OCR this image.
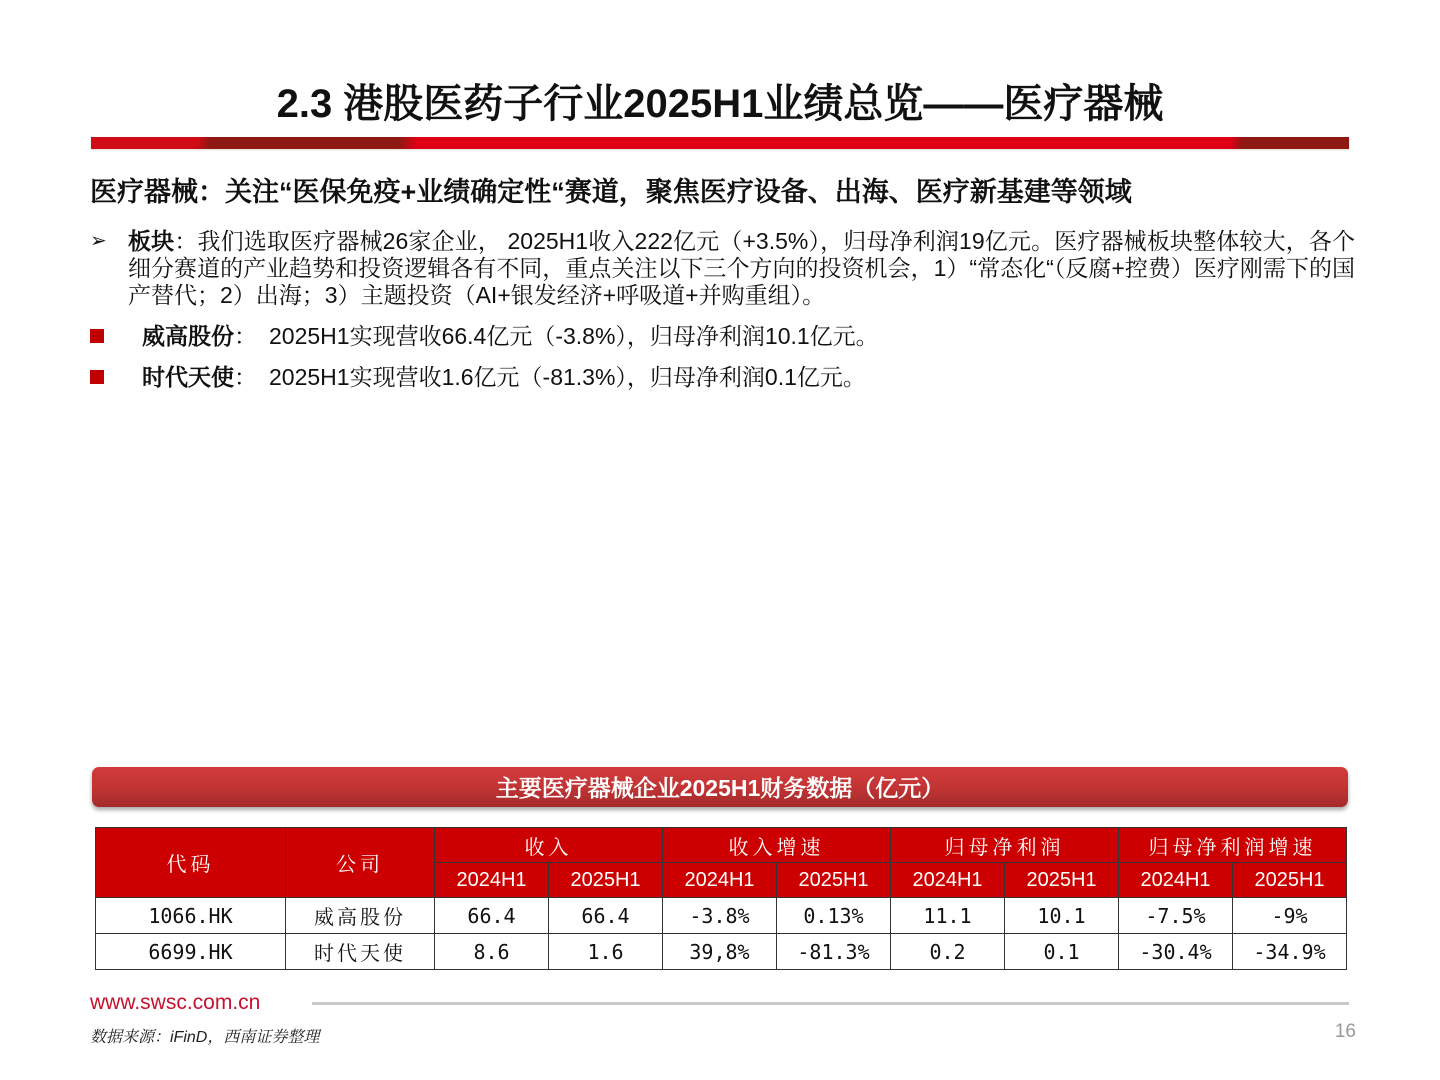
2.3 港股医药子行业2025H1业绩总览——医疗器械
医疗器械：关注“医保免疫+业绩确定性“赛道，聚焦医疗设备、出海、医疗新基建等领域
➢ 板块：我们选取医疗器械26家企业， 2025H1收入222亿元（+3.5%），归母净利润19亿元。医疗器械板块整体较大，各个细分赛道的产业趋势和投资逻辑各有不同，重点关注以下三个方向的投资机会，1）“常态化“（反腐+控费）医疗刚需下的国产替代；2）出海；3）主题投资（AI+银发经济+呼吸道+并购重组）。
威高股份： 2025H1实现营收66.4亿元（-3.8%），归母净利润10.1亿元。
时代天使： 2025H1实现营收1.6亿元（-81.3%），归母净利润0.1亿元。
主要医疗器械企业2025H1财务数据（亿元）
代码	公司	收入		收入增速		归母净利润		归母净利润增速	
		2024H1	2025H1	2024H1	2025H1	2024H1	2025H1	2024H1	2025H1
1066.HK	威高股份	66.4	66.4	-3.8%	0.13%	11.1	10.1	-7.5%	-9%
6699.HK	时代天使	8.6	1.6	39,8%	-81.3%	0.2	0.1	-30.4%	-34.9%
www.swsc.com.cn
数据来源：iFinD，西南证券整理	16
